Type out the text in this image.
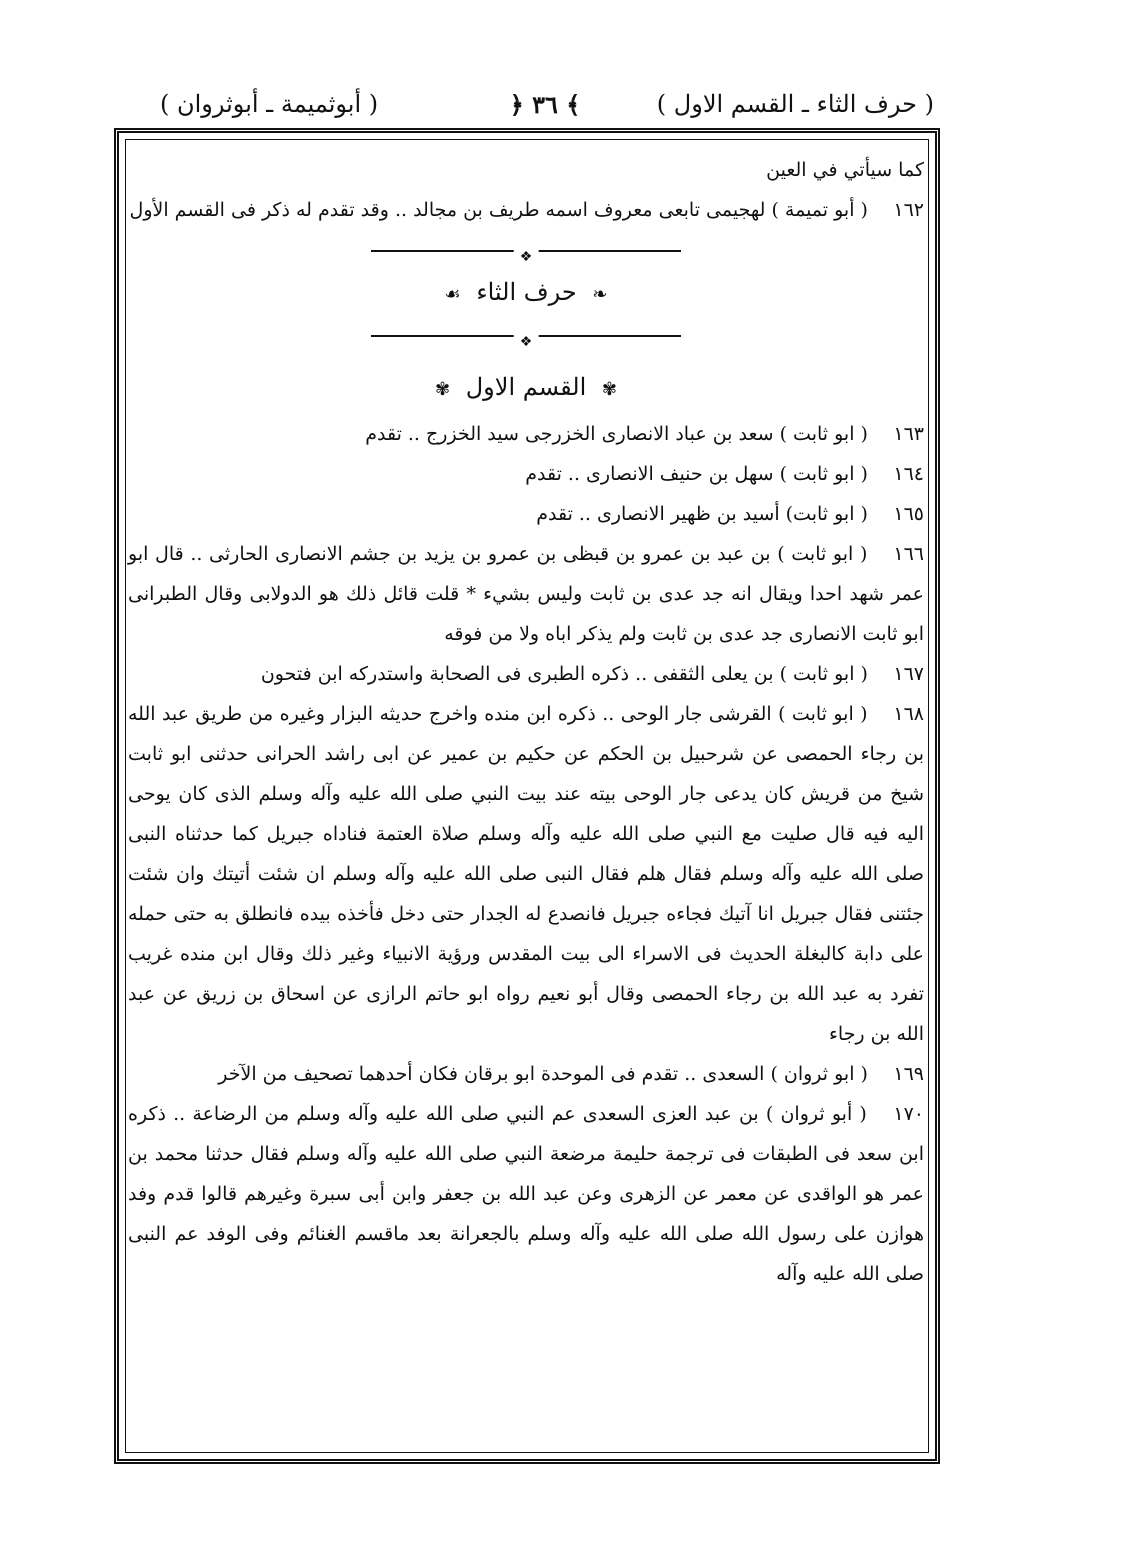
( حرف الثاء ـ القسم الاول )
﴿ ٣٦ ﴾
( أبوثميمة ـ أبوثروان )

كما سيأتي في العين

١٦٢ ( أبو تميمة ) لهجيمى تابعى معروف اسمه طريف بن مجالد .. وقد تقدم له ذكر فى القسم الأول

❖
❧ حرف الثاء ☙
❖
✾ القسم الاول ✾

١٦٣ ( ابو ثابت ) سعد بن عباد الانصارى الخزرجى سيد الخزرج .. تقدم

١٦٤ ( ابو ثابت ) سهل بن حنيف الانصارى .. تقدم

١٦٥ ( ابو ثابت) أسيد بن ظهير الانصارى .. تقدم

١٦٦ ( ابو ثابت ) بن عبد بن عمرو بن قبظى بن عمرو بن يزيد بن جشم الانصارى الحارثى .. قال ابو عمر شهد احدا ويقال انه جد عدى بن ثابت وليس بشيء * قلت قائل ذلك هو الدولابى وقال الطبرانى ابو ثابت الانصارى جد عدى بن ثابت ولم يذكر اباه ولا من فوقه

١٦٧ ( ابو ثابت ) بن يعلى الثقفى .. ذكره الطبرى فى الصحابة واستدركه ابن فتحون

١٦٨ ( ابو ثابت ) القرشى جار الوحى .. ذكره ابن منده واخرج حديثه البزار وغيره من طريق عبد الله بن رجاء الحمصى عن شرحبيل بن الحكم عن حكيم بن عمير عن ابى راشد الحرانى حدثنى ابو ثابت شيخ من قريش كان يدعى جار الوحى بيته عند بيت النبي صلى الله عليه وآله وسلم الذى كان يوحى اليه فيه قال صليت مع النبي صلى الله عليه وآله وسلم صلاة العتمة فناداه جبريل كما حدثناه النبى صلى الله عليه وآله وسلم فقال هلم فقال النبى صلى الله عليه وآله وسلم ان شئت أتيتك وان شئت جئتنى فقال جبريل انا آتيك فجاءه جبريل فانصدع له الجدار حتى دخل فأخذه بيده فانطلق به حتى حمله على دابة كالبغلة الحديث فى الاسراء الى بيت المقدس ورؤية الانبياء وغير ذلك وقال ابن منده غريب تفرد به عبد الله بن رجاء الحمصى وقال أبو نعيم رواه ابو حاتم الرازى عن اسحاق بن زريق عن عبد الله بن رجاء

١٦٩ ( ابو ثروان ) السعدى .. تقدم فى الموحدة ابو برقان فكان أحدهما تصحيف من الآخر

١٧٠ ( أبو ثروان ) بن عبد العزى السعدى عم النبي صلى الله عليه وآله وسلم من الرضاعة .. ذكره ابن سعد فى الطبقات فى ترجمة حليمة مرضعة النبي صلى الله عليه وآله وسلم فقال حدثنا محمد بن عمر هو الواقدى عن معمر عن الزهرى وعن عبد الله بن جعفر وابن أبى سبرة وغيرهم قالوا قدم وفد هوازن على رسول الله صلى الله عليه وآله وسلم بالجعرانة بعد ماقسم الغنائم وفى الوفد عم النبى صلى الله عليه وآله
